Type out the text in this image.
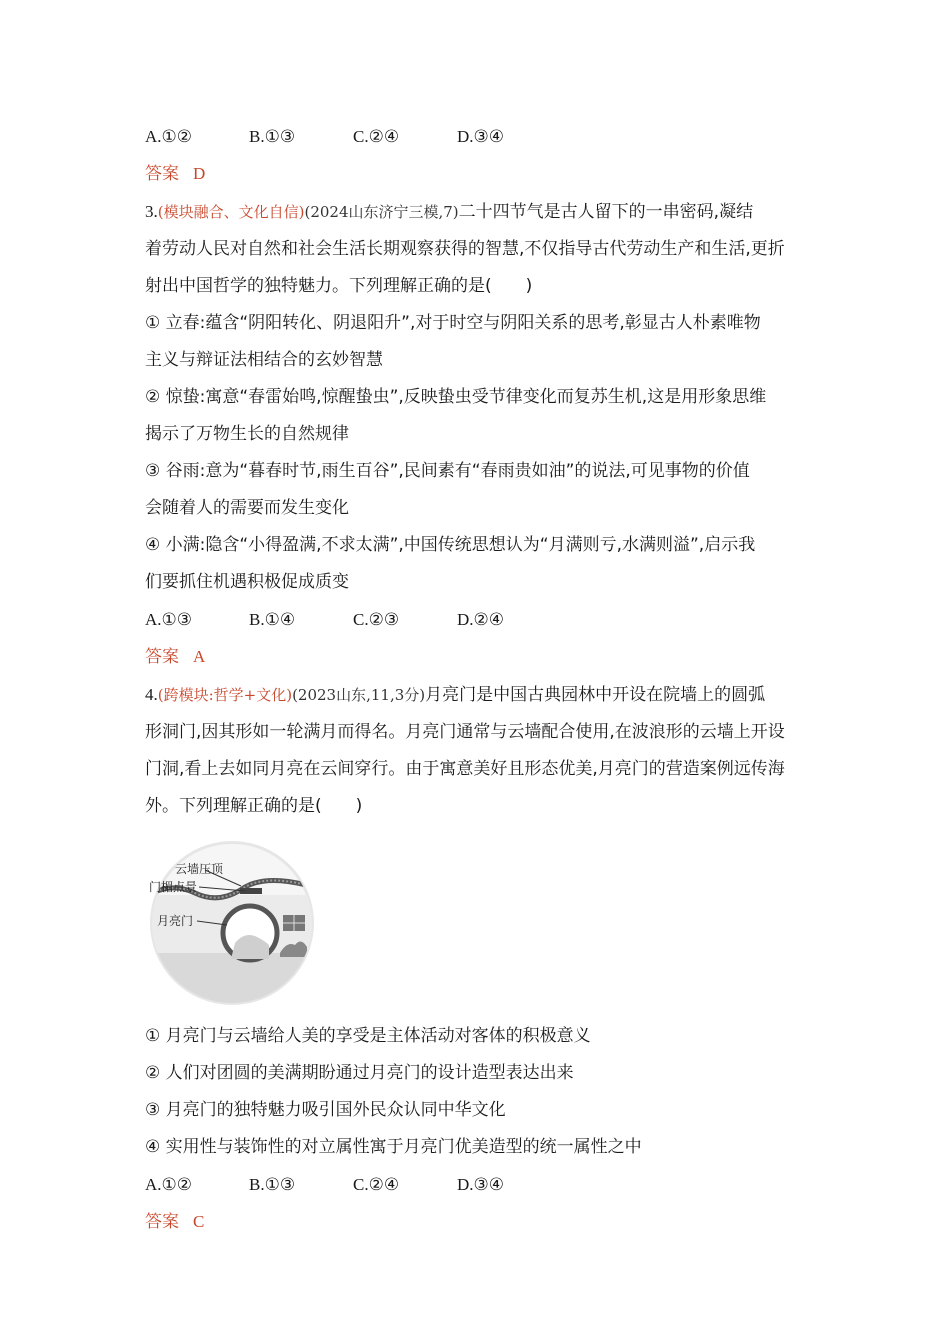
A.①②	B.①③	C.②④	D.③④
答案 D
3.(模块融合、文化自信)(2024山东济宁三模,7)二十四节气是古人留下的一串密码,凝结
着劳动人民对自然和社会生活长期观察获得的智慧,不仅指导古代劳动生产和生活,更折
射出中国哲学的独特魅力。下列理解正确的是(　　)
① 立春:蕴含“阴阳转化、阴退阳升”,对于时空与阴阳关系的思考,彰显古人朴素唯物
主义与辩证法相结合的玄妙智慧
② 惊蛰:寓意“春雷始鸣,惊醒蛰虫”,反映蛰虫受节律变化而复苏生机,这是用形象思维
揭示了万物生长的自然规律
③ 谷雨:意为“暮春时节,雨生百谷”,民间素有“春雨贵如油”的说法,可见事物的价值
会随着人的需要而发生变化
④ 小满:隐含“小得盈满,不求太满”,中国传统思想认为“月满则亏,水满则溢”,启示我
们要抓住机遇积极促成质变
A.①③	B.①④	C.②③	D.②④
答案 A
4.(跨模块:哲学+文化)(2023山东,11,3分)月亮门是中国古典园林中开设在院墙上的圆弧
形洞门,因其形如一轮满月而得名。月亮门通常与云墙配合使用,在波浪形的云墙上开设
门洞,看上去如同月亮在云间穿行。由于寓意美好且形态优美,月亮门的营造案例远传海
外。下列理解正确的是(　　)
云墙压顶
门楣点景
月亮门
① 月亮门与云墙给人美的享受是主体活动对客体的积极意义
② 人们对团圆的美满期盼通过月亮门的设计造型表达出来
③ 月亮门的独特魅力吸引国外民众认同中华文化
④ 实用性与装饰性的对立属性寓于月亮门优美造型的统一属性之中
A.①②	B.①③	C.②④	D.③④
答案 C
